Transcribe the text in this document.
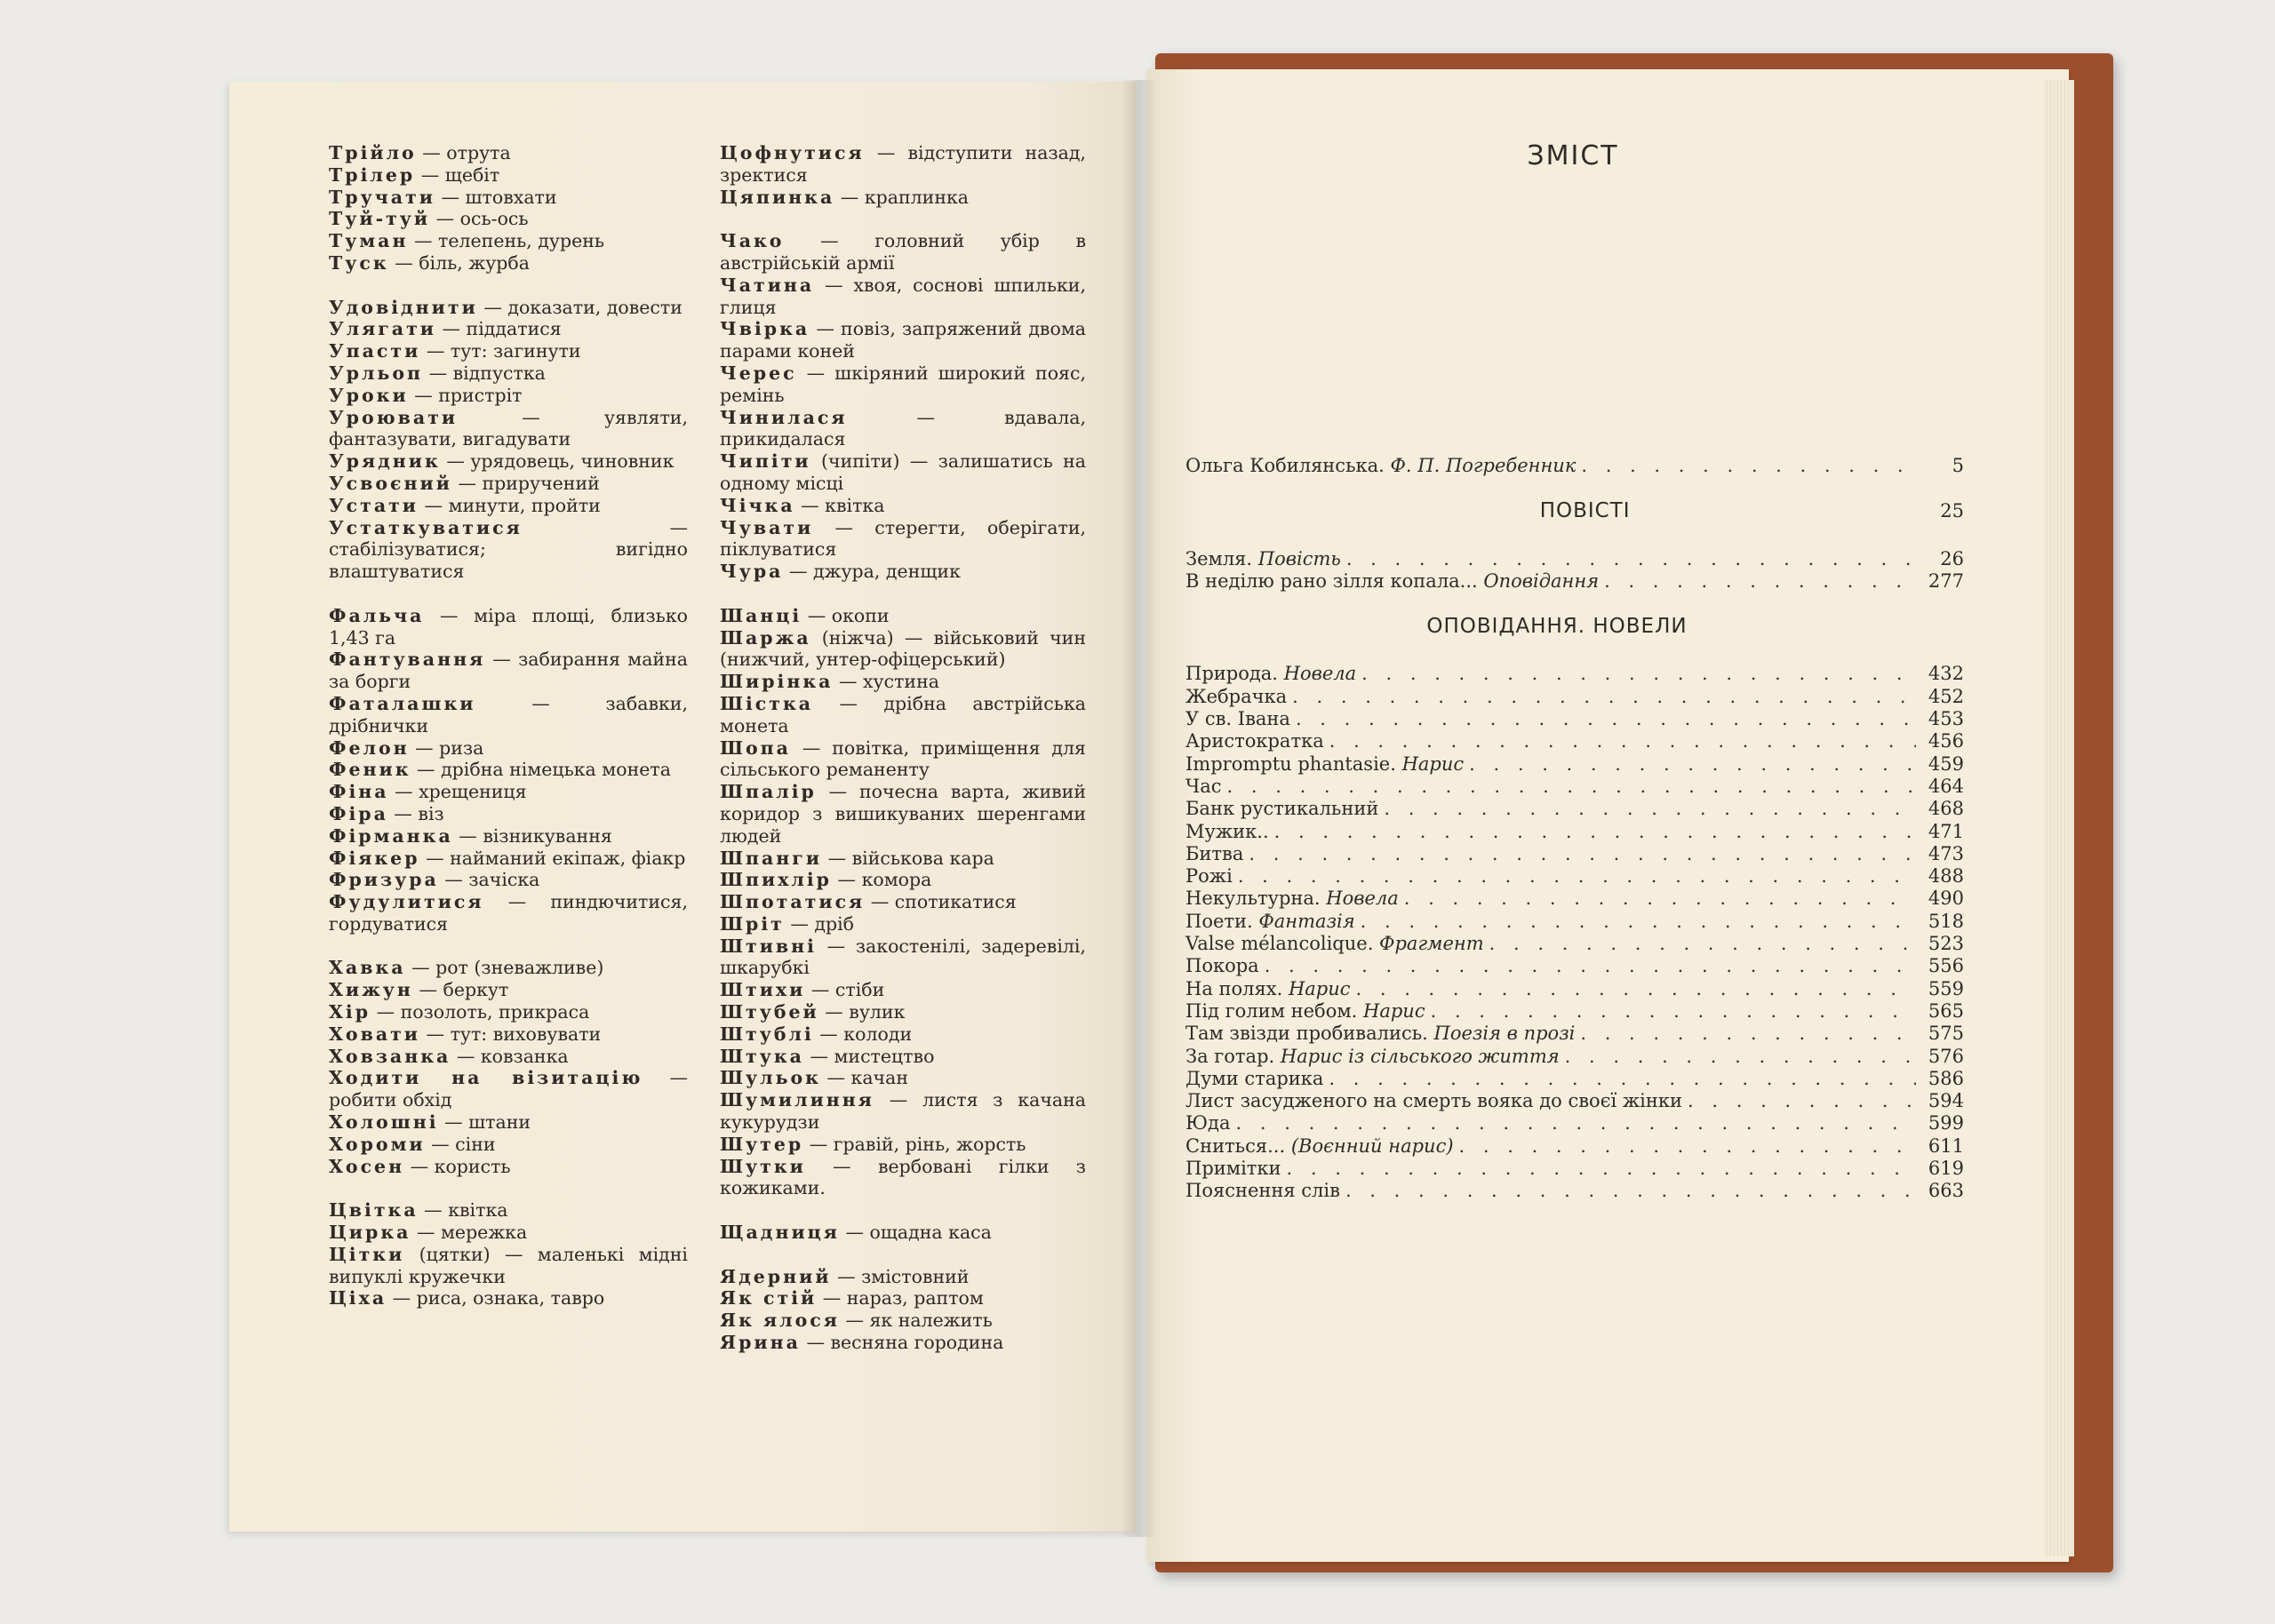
Трійло — отрута
Трілер — щебіт
Тручати — штовхати
Туй-туй — ось-ось
Туман — телепень, дурень
Туск — біль, журба
Удовіднити — доказати, довести
Улягати — піддатися
Упасти — тут: загинути
Урльоп — відпустка
Уроки — пристріт
Уроювати	— уявляти, фантазувати, вигадувати
Урядник — урядовець, чиновник
Усвоєний — приручений
Устати — минути, пройти
Устаткуватися	— стабілізуватися; вигідно влаштуватися
Фальча — міра площі, близько 1,43 га
Фантування — забирання майна за борги
Фаталашки	— забавки, дрібнички
Фелон — риза
Феник — дрібна німецька монета
Фіна — хрещениця
Фіра — віз
Фірманка — візникування
Фіякер — найманий екіпаж, фіакр
Фризура — зачіска
Фудулитися — пиндючитися, гордуватися
Хавка — рот (зневажливе)
Хижун — беркут
Хір — позолоть, прикраса
Ховати — тут: виховувати
Ховзанка — ковзанка
Ходити на візитацію — робити обхід
Холошні — штани
Хороми — сіни
Хосен — користь
Цвітка — квітка
Цирка — мережка
Цітки (цятки) — маленькі мідні випуклі кружечки
Ціха — риса, ознака, тавро
Цофнутися — відступити назад, зректися
Цяпинка — краплинка
Чако — головний убір в австрійській армії
Чатина — хвоя, соснові шпильки, глиця
Чвірка — повіз, запряжений двома парами коней
Черес — шкіряний широкий пояс, ремінь
Чинилася	— вдавала, прикидалася
Чипіти (чипіти) — залишатись на одному місці
Чічка — квітка
Чувати — стерегти, оберігати, піклуватися
Чура — джура, денщик
Шанці — окопи
Шаржа (ніжча) — військовий чин (нижчий, унтер-офіцерський)
Ширінка — хустина
Шістка — дрібна австрійська монета
Шопа — повітка, приміщення для сільського реманенту
Шпалір — почесна варта, живий коридор з вишикуваних шеренгами людей
Шпанги — військова кара
Шпихлір — комора
Шпотатися — спотикатися
Шріт — дріб
Штивні — закостенілі, задеревілі, шкарубкі
Штихи — стіби
Штубей — вулик
Штублі — колоди
Штука — мистецтво
Шульок — качан
Шумилиння — листя з качана кукурудзи
Шутер — гравій, рінь, жорсть
Шутки — вербовані гілки з кожиками.
Щадниця — ощадна каса
Ядерний — змістовний
Як стій — нараз, раптом
Як ялося — як належить
Ярина — весняна городина
ЗМІСТ
Ольга Кобилянська. Ф. П. Погребенник . . .	5
ПОВІСТІ	25
Земля. Повість . . .	26
В неділю рано зілля копала... Оповідання . . .	277
ОПОВІДАННЯ. НОВЕЛИ
Природа. Новела . . .	432
Жебрачка . . .	452
У св. Івана . . .	453
Аристократка . . .	456
Impromptu phantasie. Нарис . . .	459
Час . . .	464
Банк рустикальний . . .	468
Мужик.. . . .	471
Битва . . .	473
Рожі . . .	488
Некультурна. Новела . . .	490
Поети. Фантазія . . .	518
Valse mélancolique. Фрагмент . . .	523
Покора . . .	556
На полях. Нарис . . .	559
Під голим небом. Нарис . . .	565
Там звізди пробивались. Поезія в прозі . . .	575
За готар. Нарис із сільського життя . . .	576
Думи старика . . .	586
Лист засудженого на смерть вояка до своєї жінки . . .	594
Юда . . .	599
Сниться... (Воєнний нарис) . . .	611
Примітки . . .	619
Пояснення слів . . .	663
